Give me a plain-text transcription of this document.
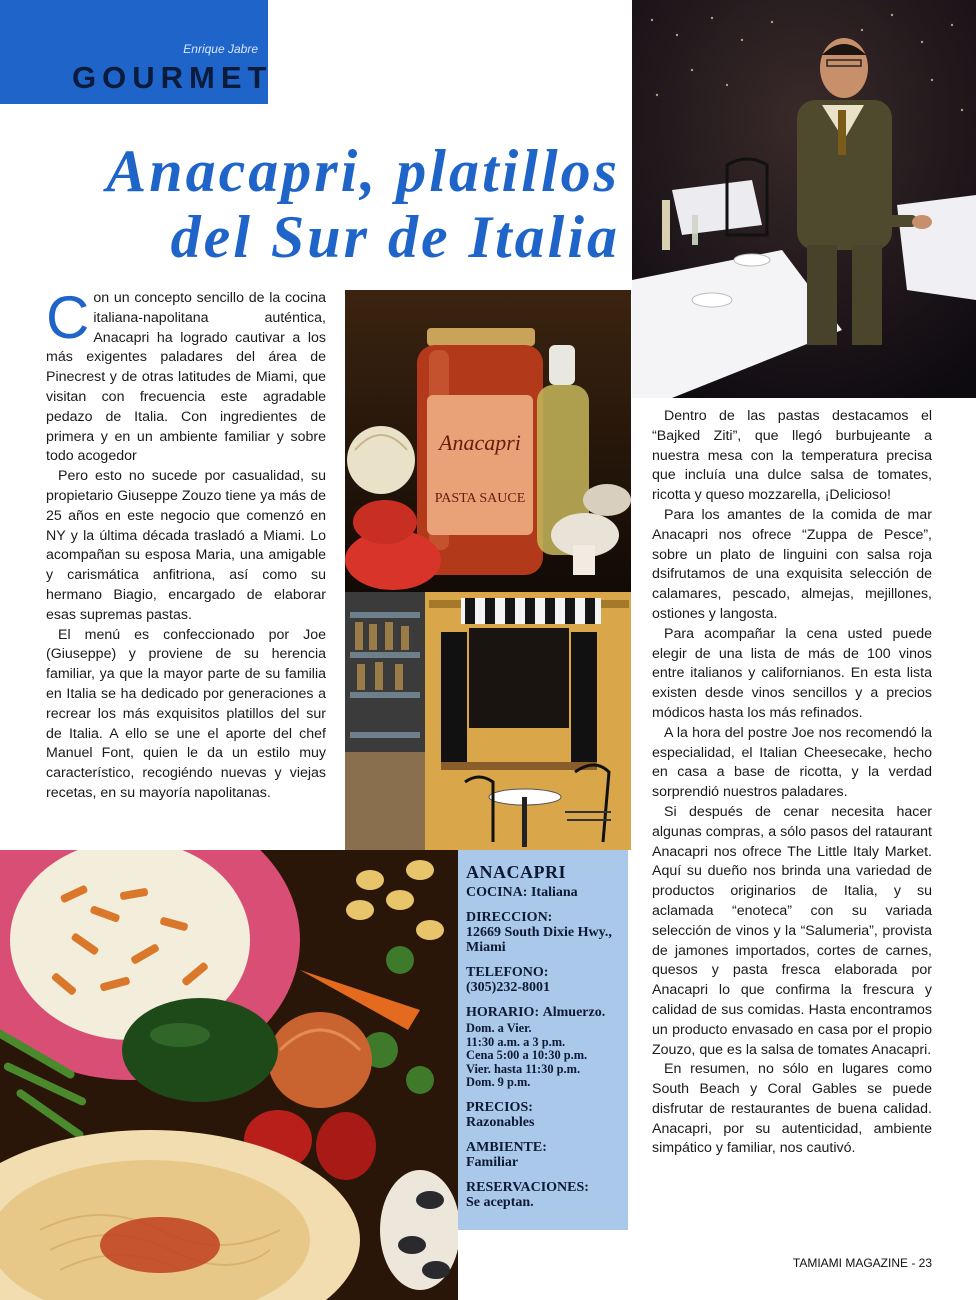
Enrique Jabre
GOURMET
Anacapri, platillos
del Sur de Italia

Con un concepto sencillo de la cocina italiana-napolitana auténtica, Anacapri ha logrado cautivar a los más exigentes paladares del área de Pinecrest y de otras latitudes de Miami, que visitan con frecuencia este agradable pedazo de Italia. Con ingredientes de primera y en un ambiente familiar y sobre todo acogedor

Pero esto no sucede por casualidad, su propietario Giuseppe Zouzo tiene ya más de 25 años en este negocio que comenzó en NY y la última década trasladó a Miami. Lo acompañan su esposa Maria, una amigable y carismática anfitriona, así como su hermano Biagio, encargado de elaborar esas supremas pastas.

El menú es confeccionado por Joe (Giuseppe) y proviene de su herencia familiar, ya que la mayor parte de su familia en Italia se ha dedicado por generaciones a recrear los más exquisitos platillos del sur de Italia. A ello se une el aporte del chef Manuel Font, quien le da un estilo muy característico, recogiéndo nuevas y viejas recetas, en su mayoría napolitanas.

Anacapri
PASTA SAUCE
ANACAPRI
COCINA: Italiana
DIRECCION:
12669 South Dixie Hwy., Miami
TELEFONO:
(305)232-8001
HORARIO: Almuerzo.
Dom. a Vier.
11:30 a.m. a 3 p.m.
Cena 5:00 a 10:30 p.m.
Vier. hasta 11:30 p.m.
Dom. 9 p.m.
PRECIOS:
Razonables
AMBIENTE:
Familiar
RESERVACIONES:
Se aceptan.

Dentro de las pastas destacamos el “Bajked Ziti”, que llegó burbujeante a nuestra mesa con la temperatura precisa que incluía una dulce salsa de tomates, ricotta y queso mozzarella, ¡Delicioso!

Para los amantes de la comida de mar Anacapri nos ofrece “Zuppa de Pesce”, sobre un plato de linguini con salsa roja dsifrutamos de una exquisita selección de calamares, pescado, almejas, mejillones, ostiones y langosta.

Para acompañar la cena usted puede elegir de una lista de más de 100 vinos entre italianos y californianos. En esta lista existen desde vinos sencillos y a precios módicos hasta los más refinados.

A la hora del postre Joe nos recomendó la especialidad, el Italian Cheesecake, hecho en casa a base de ricotta, y la verdad sorprendió nuestros paladares.

Si después de cenar necesita hacer algunas compras, a sólo pasos del rataurant Anacapri nos ofrece The Little Italy Market. Aquí su dueño nos brinda una variedad de productos originarios de Italia, y su aclamada “enoteca” con su variada selección de vinos y la “Salumeria”, provista de jamones importados, cortes de carnes, quesos y pasta fresca elaborada por Anacapri lo que confirma la frescura y calidad de sus comidas. Hasta encontramos un producto envasado en casa por el propio Zouzo, que es la salsa de tomates Anacapri.

En resumen, no sólo en lugares como South Beach y Coral Gables se puede disfrutar de restaurantes de buena calidad. Anacapri, por su autenticidad, ambiente simpático y familiar, nos cautivó.

TAMIAMI MAGAZINE - 23
